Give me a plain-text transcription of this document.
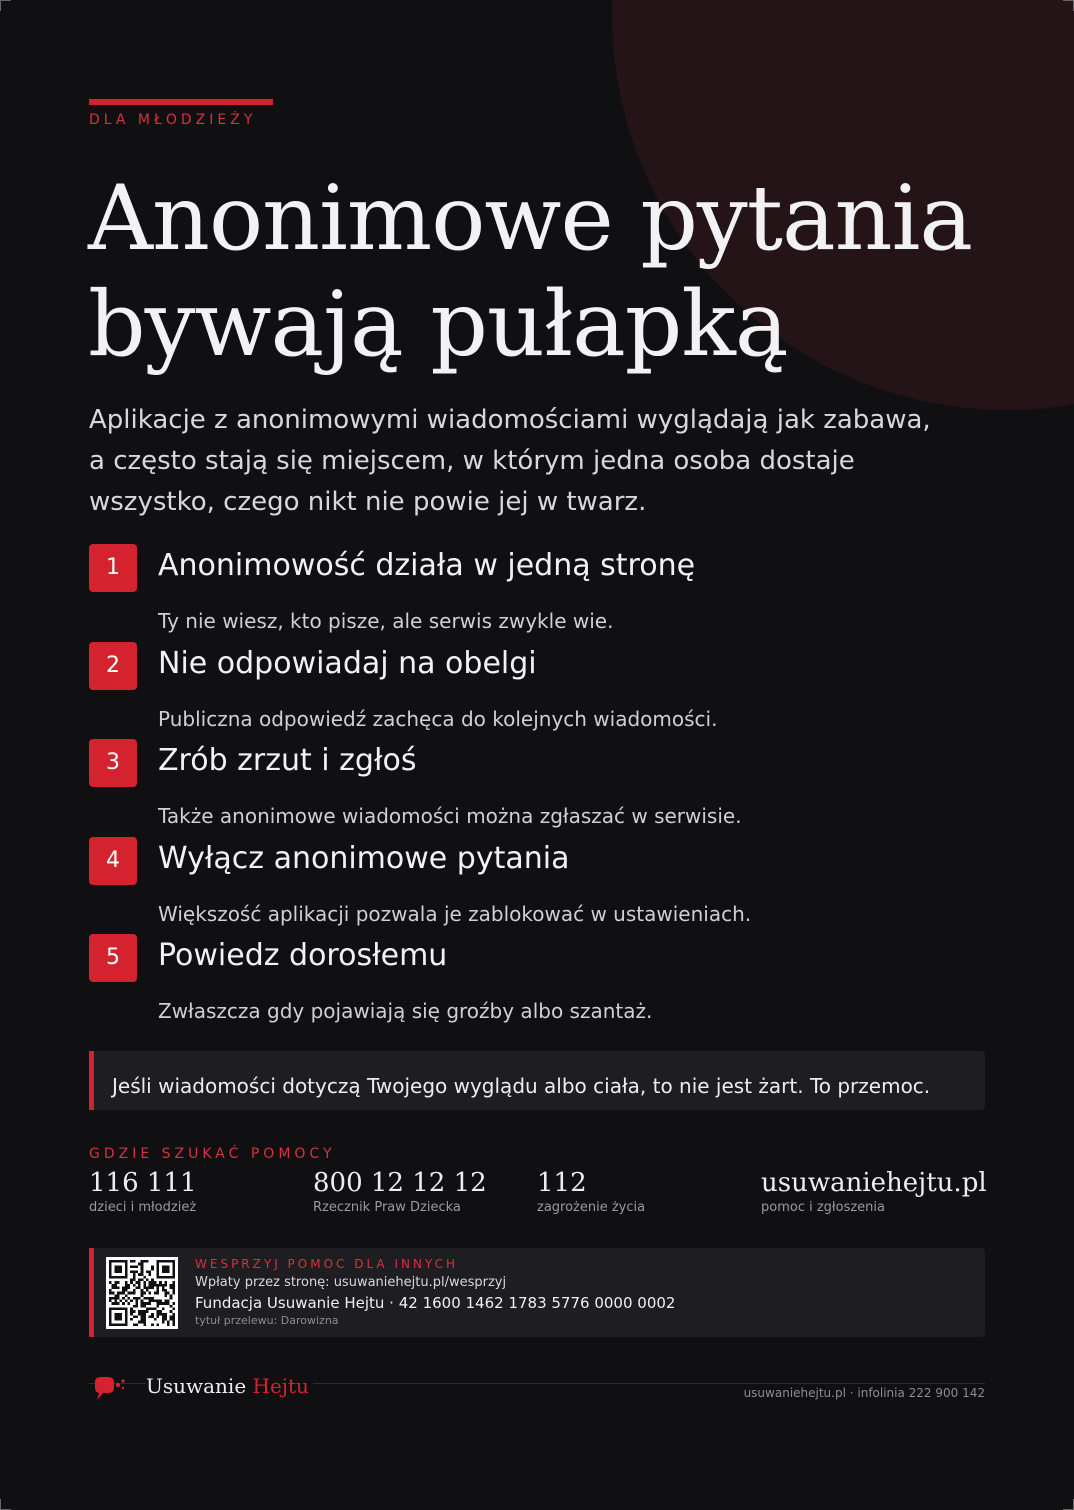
DLA MŁODZIEŻY
Anonimowe pytania
bywają pułapką

Aplikacje z anonimowymi wiadomościami wyglądają jak zabawa, a często stają się miejscem, w którym jedna osoba dostaje wszystko, czego nikt nie powie jej w twarz.

1	Anonimowość działa w jedną stronę
Ty nie wiesz, kto pisze, ale serwis zwykle wie.
2	Nie odpowiadaj na obelgi
Publiczna odpowiedź zachęca do kolejnych wiadomości.
3	Zrób zrzut i zgłoś
Także anonimowe wiadomości można zgłaszać w serwisie.
4	Wyłącz anonimowe pytania
Większość aplikacji pozwala je zablokować w ustawieniach.
5	Powiedz dorosłemu
Zwłaszcza gdy pojawiają się groźby albo szantaż.
Jeśli wiadomości dotyczą Twojego wyglądu albo ciała, to nie jest żart. To przemoc.
GDZIE SZUKAĆ POMOCY
116 111
dzieci i młodzież
800 12 12 12
Rzecznik Praw Dziecka
112
zagrożenie życia
usuwaniehejtu.pl
pomoc i zgłoszenia
WESPRZYJ POMOC DLA INNYCH
Wpłaty przez stronę: usuwaniehejtu.pl/wesprzyj
Fundacja Usuwanie Hejtu · 42 1600 1462 1783 5776 0000 0002
tytuł przelewu: Darowizna
Usuwanie Hejtu	usuwaniehejtu.pl · infolinia 222 900 142
